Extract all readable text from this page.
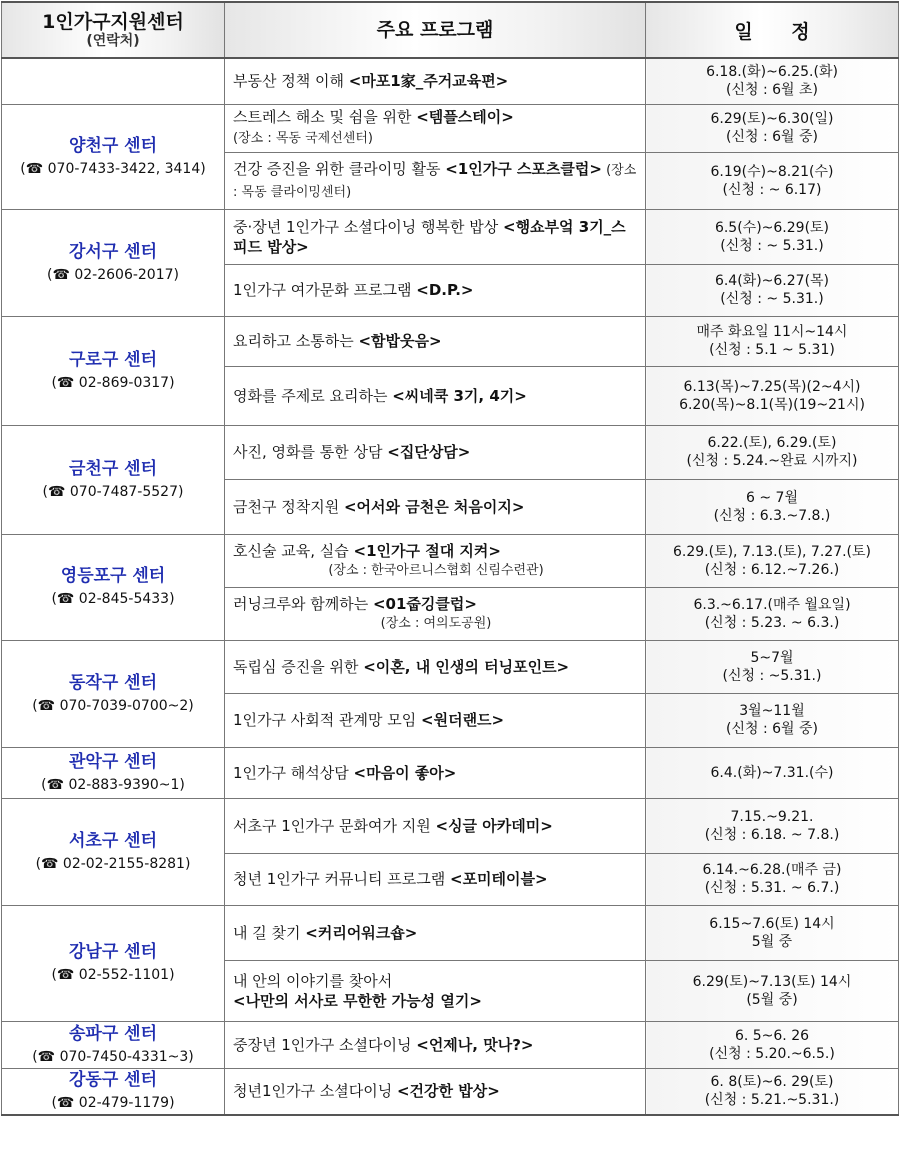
1인가구지원센터
(연락처)	주요 프로그램	일 정

	부동산 정책 이해 <마포1家_주거교육편>	6.18.(화)~6.25.(화)
(신청 : 6월 초)

양천구 센터
(☎ 070-7433-3422, 3414)	스트레스 해소 및 쉼을 위한 <템플스테이>
(장소 : 목동 국제선센터)	6.29(토)~6.30(일)
(신청 : 6월 중)

	건강 증진을 위한 클라이밍 활동 <1인가구 스포츠클럽> (장소 : 목동 클라이밍센터)	6.19(수)~8.21(수)
(신청 : ~ 6.17)

강서구 센터
(☎ 02-2606-2017)	중·장년 1인가구 소셜다이닝 행복한 밥상 <행쇼부엌 3기_스피드 밥상>	6.5(수)~6.29(토)
(신청 : ~ 5.31.)

	1인가구 여가문화 프로그램 <D.P.>	6.4(화)~6.27(목)
(신청 : ~ 5.31.)

구로구 센터
(☎ 02-869-0317)	요리하고 소통하는 <함밥웃음>	매주 화요일 11시~14시
(신청 : 5.1 ~ 5.31)

	영화를 주제로 요리하는 <씨네쿡 3기, 4기>	6.13(목)~7.25(목)(2~4시)
6.20(목)~8.1(목)(19~21시)

금천구 센터
(☎ 070-7487-5527)	사진, 영화를 통한 상담 <집단상담>	6.22.(토), 6.29.(토)
(신청 : 5.24.~완료 시까지)

	금천구 정착지원 <어서와 금천은 처음이지>	6 ~ 7월
(신청 : 6.3.~7.8.)

영등포구 센터
(☎ 02-845-5433)	호신술 교육, 실습 <1인가구 절대 지켜>
(장소 : 한국아르니스협회 신림수련관)	6.29.(토), 7.13.(토), 7.27.(토)
(신청 : 6.12.~7.26.)

	러닝크루와 함께하는 <01줍깅클럽>
(장소 : 여의도공원)	6.3.~6.17.(매주 월요일)
(신청 : 5.23. ~ 6.3.)

동작구 센터
(☎ 070-7039-0700~2)	독립심 증진을 위한 <이혼, 내 인생의 터닝포인트>	5~7월
(신청 : ~5.31.)

	1인가구 사회적 관계망 모임 <원더랜드>	3월~11월
(신청 : 6월 중)

관악구 센터
(☎ 02-883-9390~1)	1인가구 해석상담 <마음이 좋아>	6.4.(화)~7.31.(수)

서초구 센터
(☎ 02-02-2155-8281)	서초구 1인가구 문화여가 지원 <싱글 아카데미>	7.15.~9.21.
(신청 : 6.18. ~ 7.8.)

	청년 1인가구 커뮤니티 프로그램 <포미테이블>	6.14.~6.28.(매주 금)
(신청 : 5.31. ~ 6.7.)

강남구 센터
(☎ 02-552-1101)	내 길 찾기 <커리어워크숍>	6.15~7.6(토) 14시
5월 중

	내 안의 이야기를 찾아서
<나만의 서사로 무한한 가능성 열기>	6.29(토)~7.13(토) 14시
(5월 중)

송파구 센터
(☎ 070-7450-4331~3)	중장년 1인가구 소셜다이닝 <언제나, 맛나?>	6. 5~6. 26
(신청 : 5.20.~6.5.)

강동구 센터
(☎ 02-479-1179)	청년1인가구 소셜다이닝 <건강한 밥상>	6. 8(토)~6. 29(토)
(신청 : 5.21.~5.31.)
